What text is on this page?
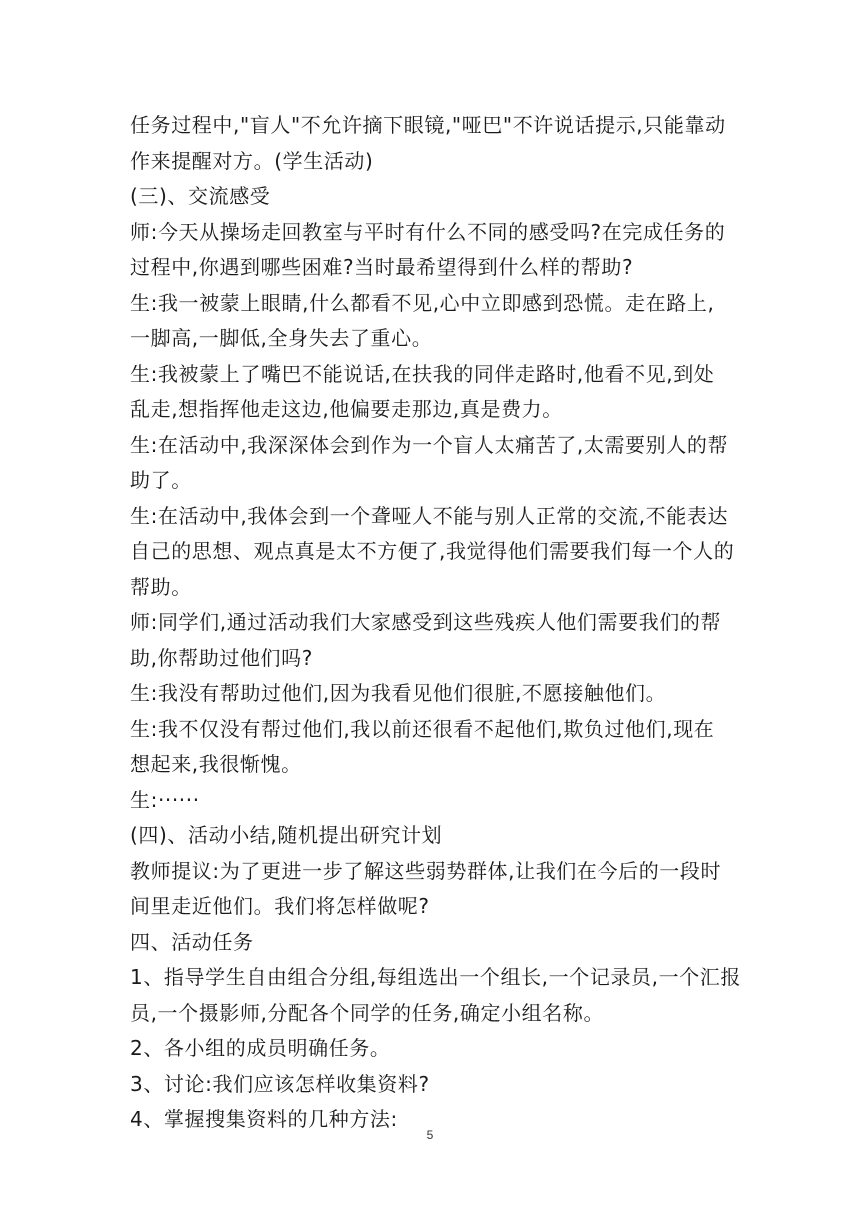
任务过程中,"盲人"不允许摘下眼镜,"哑巴"不许说话提示,只能靠动
作来提醒对方。(学生活动)
(三)、交流感受
师:今天从操场走回教室与平时有什么不同的感受吗?在完成任务的
过程中,你遇到哪些困难?当时最希望得到什么样的帮助?
生:我一被蒙上眼睛,什么都看不见,心中立即感到恐慌。走在路上,
一脚高,一脚低,全身失去了重心。
生:我被蒙上了嘴巴不能说话,在扶我的同伴走路时,他看不见,到处
乱走,想指挥他走这边,他偏要走那边,真是费力。
生:在活动中,我深深体会到作为一个盲人太痛苦了,太需要别人的帮
助了。
生:在活动中,我体会到一个聋哑人不能与别人正常的交流,不能表达
自己的思想、观点真是太不方便了,我觉得他们需要我们每一个人的
帮助。
师:同学们,通过活动我们大家感受到这些残疾人他们需要我们的帮
助,你帮助过他们吗?
生:我没有帮助过他们,因为我看见他们很脏,不愿接触他们。
生:我不仅没有帮过他们,我以前还很看不起他们,欺负过他们,现在
想起来,我很惭愧。
生:······
(四)、活动小结,随机提出研究计划
教师提议:为了更进一步了解这些弱势群体,让我们在今后的一段时
间里走近他们。我们将怎样做呢?
四、活动任务
1、指导学生自由组合分组,每组选出一个组长,一个记录员,一个汇报
员,一个摄影师,分配各个同学的任务,确定小组名称。
2、各小组的成员明确任务。
3、讨论:我们应该怎样收集资料?
4、掌握搜集资料的几种方法:
5
